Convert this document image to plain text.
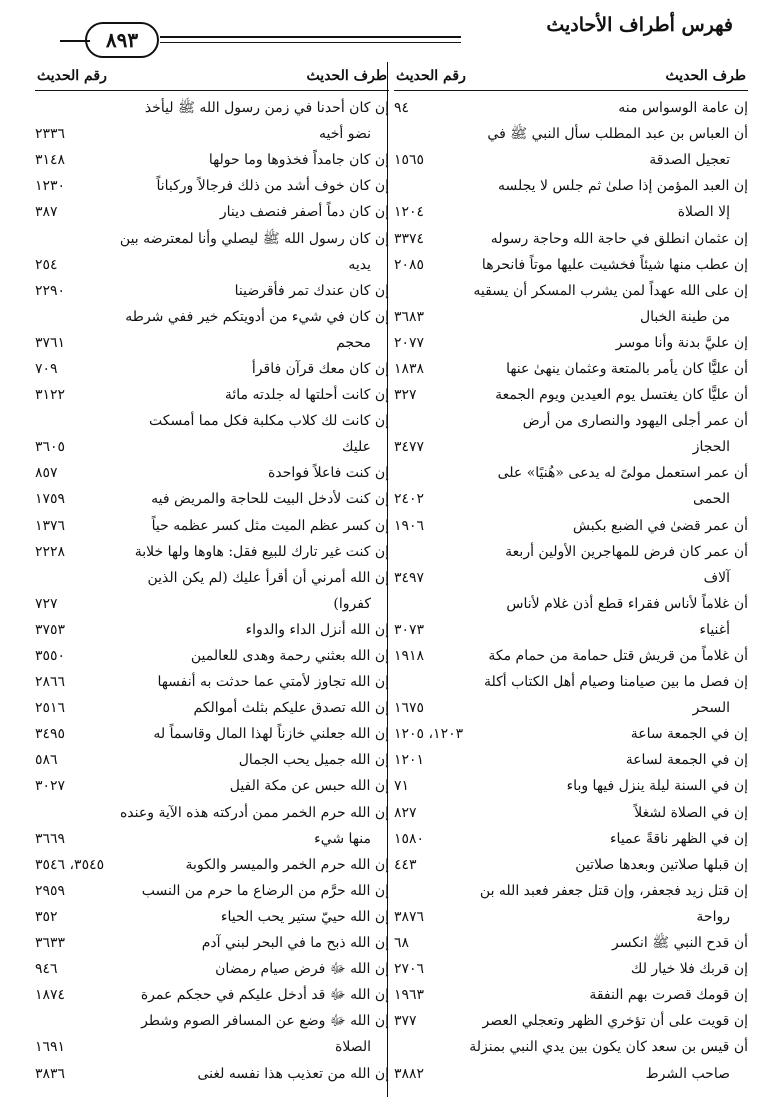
فهرس أطراف الأحاديث
٨٩٣
طرف الحديث
رقم الحديث
إن عامة الوسواس منه
٩٤
أن العباس بن عبد المطلب سأل النبي ﷺ في
تعجيل الصدقة
١٥٦٥
إن العبد المؤمن إذا صلىٰ ثم جلس لا يجلسه
إلا الصلاة
١٢٠٤
إن عثمان انطلق في حاجة الله وحاجة رسوله
٣٣٧٤
إن عطب منها شيئاً فخشيت عليها موتاً فانحرها
٢٠٨٥
إن على الله عهداً لمن يشرب المسكر أن يسقيه
من طينة الخبال
٣٦٨٣
إن عليَّ بدنة وأنا موسر
٢٠٧٧
أن عليًّا كان يأمر بالمتعة وعثمان ينهىٰ عنها
١٨٣٨
أن عليًّا كان يغتسل يوم العيدين ويوم الجمعة
٣٢٧
أن عمر أجلى اليهود والنصارى من أرض
الحجاز
٣٤٧٧
أن عمر استعمل مولىً له يدعى «هُنيًا» على
الحمى
٢٤٠٢
أن عمر قضىٰ في الضبع بكبش
١٩٠٦
أن عمر كان فرض للمهاجرين الأولين أربعة
آلاف
٣٤٩٧
أن غلاماً لأناس فقراء قطع أذن غلام لأناس
أغنياء
٣٠٧٣
أن غلاماً من قريش قتل حمامة من حمام مكة
١٩١٨
إن فصل ما بين صيامنا وصيام أهل الكتاب أكلة
السحر
١٦٧٥
إن في الجمعة ساعة
١٢٠٣، ١٢٠٥
إن في الجمعة لساعة
١٢٠١
إن في السنة ليلة ينزل فيها وباء
٧١
إن في الصلاة لشغلاً
٨٢٧
إن في الظهر ناقةً عمياء
١٥٨٠
إن قبلها صلاتين وبعدها صلاتين
٤٤٣
إن قتل زيد فجعفر، وإن قتل جعفر فعبد الله بن
رواحة
٣٨٧٦
أن قدح النبي ﷺ انكسر
٦٨
إن قربك فلا خيار لك
٢٧٠٦
إن قومك قصرت بهم النفقة
١٩٦٣
إن قويت على أن تؤخري الظهر وتعجلي العصر
٣٧٧
أن قيس بن سعد كان يكون بين يدي النبي بمنزلة
صاحب الشرط
٣٨٨٢
طرف الحديث
رقم الحديث
إن كان أحدنا في زمن رسول الله ﷺ ليأخذ
نضو أخيه
٢٣٣٦
إن كان جامداً فخذوها وما حولها
٣١٤٨
إن كان خوف أشد من ذلك فرجالاً وركباناً
١٢٣٠
إن كان دماً أصفر فنصف دينار
٣٨٧
إن كان رسول الله ﷺ ليصلي وأنا لمعترضه بين
يديه
٢٥٤
إن كان عندك تمر فأقرضينا
٢٢٩٠
إن كان في شيء من أدويتكم خير ففي شرطه
محجم
٣٧٦١
إن كان معك قرآن فاقرأ
٧٠٩
إن كانت أحلتها له جلدته مائة
٣١٢٢
إن كانت لك كلاب مكلبة فكل مما أمسكت
عليك
٣٦٠٥
إن كنت فاعلاً فواحدة
٨٥٧
إن كنت لأدخل البيت للحاجة والمريض فيه
١٧٥٩
إن كسر عظم الميت مثل كسر عظمه حياً
١٣٧٦
إن كنت غير تارك للبيع فقل: هاوها ولها خلابة
٢٢٢٨
إن الله أمرني أن أقرأ عليك (لم يكن الذين
كفروا)
٧٢٧
إن الله أنزل الداء والدواء
٣٧٥٣
إن الله بعثني رحمة وهدى للعالمين
٣٥٥٠
إن الله تجاوز لأمتي عما حدثت به أنفسها
٢٨٦٦
إن الله تصدق عليكم بثلث أموالكم
٢٥١٦
إن الله جعلني خازناً لهذا المال وقاسماً له
٣٤٩٥
إن الله جميل يحب الجمال
٥٨٦
إن الله حبس عن مكة الفيل
٣٠٢٧
إن الله حرم الخمر ممن أدركته هذه الآية وعنده
منها شيء
٣٦٦٩
إن الله حرم الخمر والميسر والكوبة
٣٥٤٥، ٣٥٤٦
إن الله حرَّم من الرضاع ما حرم من النسب
٢٩٥٩
إن الله حييّ ستير يحب الحياء
٣٥٢
إن الله ذبح ما في البحر لبني آدم
٣٦٣٣
إن الله ﷻ فرض صيام رمضان
٩٤٦
إن الله ﷻ قد أدخل عليكم في حجكم عمرة
١٨٧٤
إن الله ﷻ وضع عن المسافر الصوم وشطر
الصلاة
١٦٩١
إن الله من تعذيب هذا نفسه لغنى
٣٨٣٦
